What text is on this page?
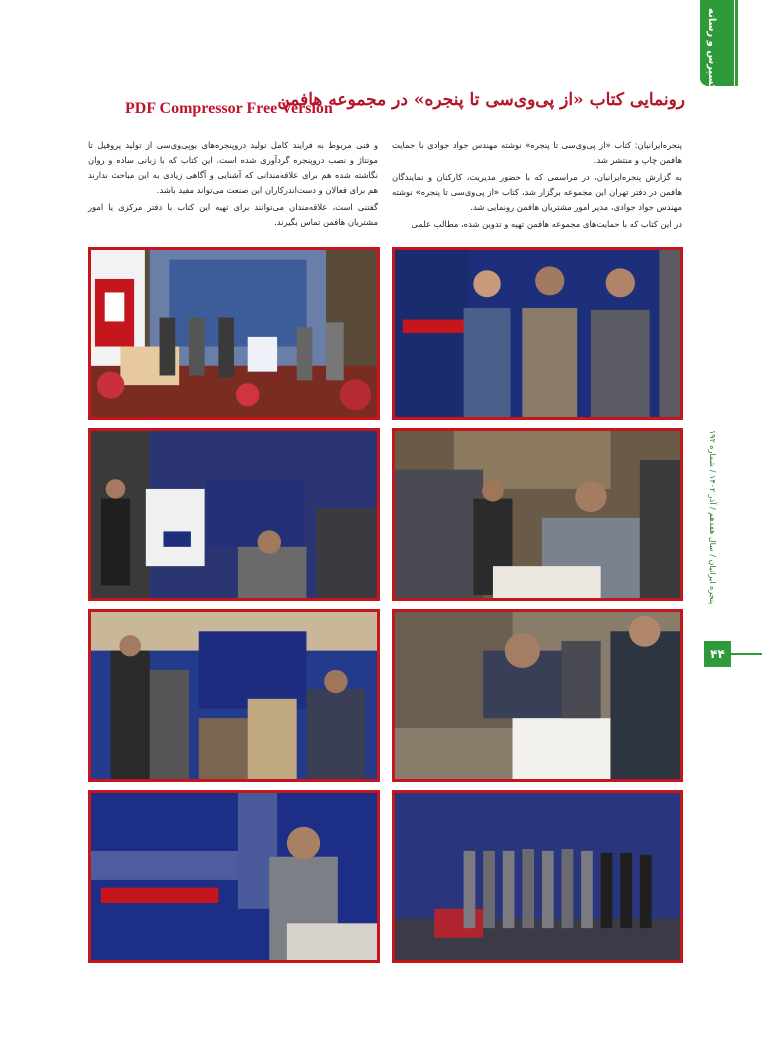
اکسپرس و رسانه
رونمایی کتاب «از پی‌وی‌سی تا پنجره» در مجموعه هافمن
PDF Compressor Free Version

پنجره‌ایرانیان: کتاب «از پی‌وی‌سی تا پنجره» نوشته مهندس جواد جوادی با حمایت هافمن چاپ و منتشر شد.

به گزارش پنجره‌ایرانیان، در مراسمی که با حضور مدیریت، کارکنان و نمایندگان هافمن در دفتر تهران این مجموعه برگزار شد، کتاب «از پی‌وی‌سی تا پنجره» نوشته مهندس جواد جوادی، مدیر امور مشتریان هافمن رونمایی شد.

در این کتاب که با حمایت‌های مجموعه هافمن تهیه و تدوین شده، مطالب علمی

و فنی مربوط به فرایند کامل تولید درو‌پنجره‌های یوپی‌وی‌سی از تولید پروفیل تا مونتاژ و نصب درو‌پنجره گردآوری شده است. این کتاب که با زبانی ساده و روان نگاشته شده هم برای علاقه‌مندانی که آشنایی و آگاهی زیادی به این مباحث ندارند هم برای فعالان و دست‌اندرکاران این صنعت می‌تواند مفید باشد.

گفتنی است، علاقه‌مندان می‌توانند برای تهیه این کتاب با دفتر مرکزی یا امور مشتریان هافمن تماس بگیرند.

پنجره ایرانیان / سال هفدهم / آذر ۱۴۰۲ / شماره ۱۹۲
۴۴
